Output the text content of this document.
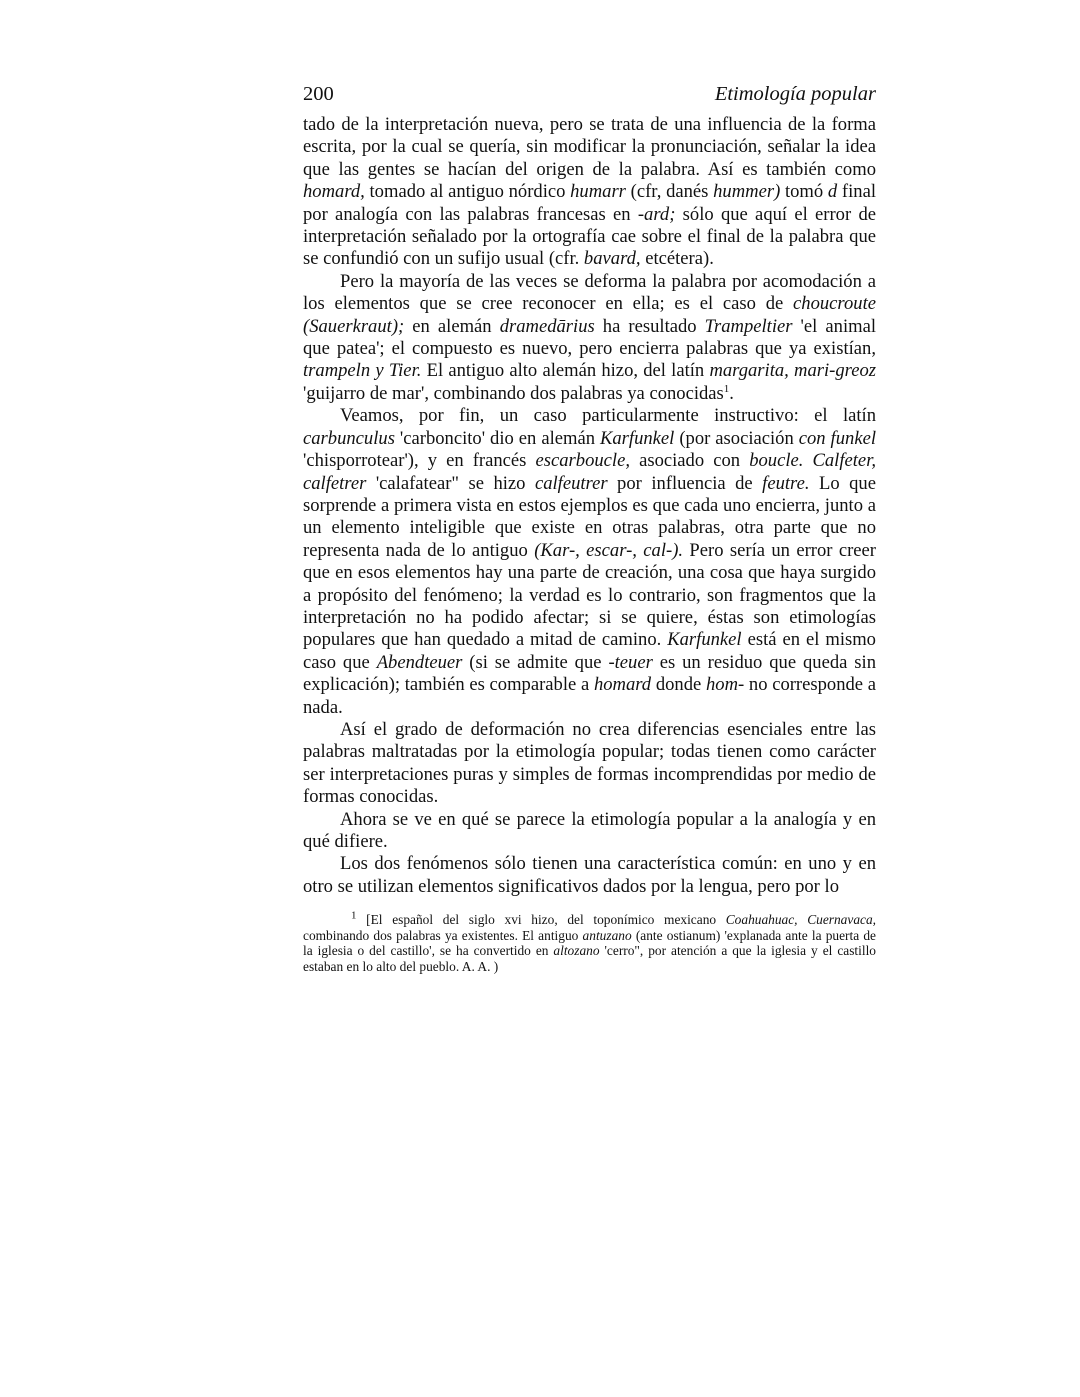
200	Etimología popular

tado de la interpretación nueva, pero se trata de una influencia de la forma escrita, por la cual se quería, sin modificar la pronunciación, señalar la idea que las gentes se hacían del origen de la palabra. Así es también como homard, tomado al antiguo nórdico humarr (cfr, danés hummer) tomó d final por analogía con las palabras francesas en -ard; sólo que aquí el error de interpretación señalado por la ortografía cae sobre el final de la palabra que se confundió con un sufijo usual (cfr. bavard, etcétera).

Pero la mayoría de las veces se deforma la palabra por acomodación a los elementos que se cree reconocer en ella; es el caso de choucroute (Sauerkraut); en alemán dramedārius ha resultado Trampeltier 'el animal que patea'; el compuesto es nuevo, pero encierra palabras que ya existían, trampeln y Tier. El antiguo alto alemán hizo, del latín margarita, mari-greoz 'guijarro de mar', combinando dos palabras ya conocidas$^1$.

Veamos, por fin, un caso particularmente instructivo: el latín carbunculus 'carboncito' dio en alemán Karfunkel (por asociación con funkel 'chisporrotear'), y en francés escarboucle, asociado con boucle. Calfeter, calfetrer 'calafatear" se hizo calfeutrer por influencia de feutre. Lo que sorprende a primera vista en estos ejemplos es que cada uno encierra, junto a un elemento inteligible que existe en otras palabras, otra parte que no representa nada de lo antiguo (Kar-, escar-, cal-). Pero sería un error creer que en esos elementos hay una parte de creación, una cosa que haya surgido a propósito del fenómeno; la verdad es lo contrario, son fragmentos que la interpretación no ha podido afectar; si se quiere, éstas son etimologías populares que han quedado a mitad de camino. Karfunkel está en el mismo caso que Abendteuer (si se admite que -teuer es un residuo que queda sin explicación); también es comparable a homard donde hom- no corresponde a nada.

Así el grado de deformación no crea diferencias esenciales entre las palabras maltratadas por la etimología popular; todas tienen como carácter ser interpretaciones puras y simples de formas incomprendidas por medio de formas conocidas.

Ahora se ve en qué se parece la etimología popular a la analogía y en qué difiere.

Los dos fenómenos sólo tienen una característica común: en uno y en otro se utilizan elementos significativos dados por la lengua, pero por lo

$^1$ [El español del siglo xvi hizo, del toponímico mexicano Coahuahuac, Cuernavaca, combinando dos palabras ya existentes. El antiguo antuzano (ante ostianum) 'explanada ante la puerta de la iglesia o del castillo', se ha convertido en altozano 'cerro", por atención a que la iglesia y el castillo estaban en lo alto del pueblo. A. A. )
